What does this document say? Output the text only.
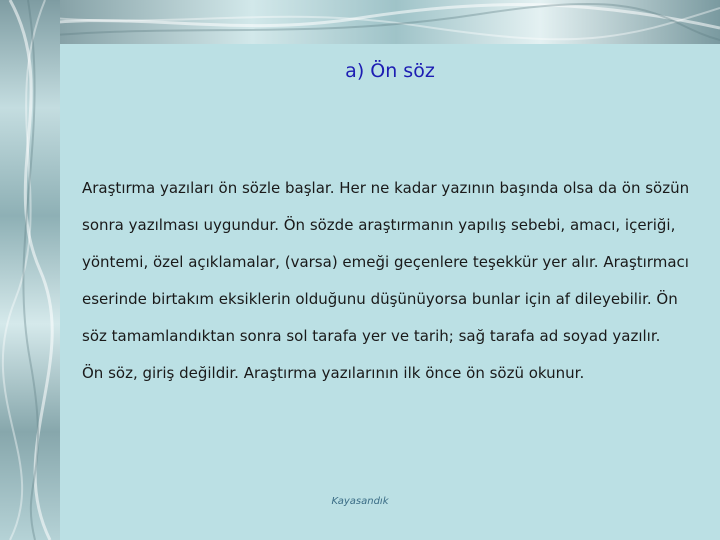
a) Ön söz

Araştırma yazıları ön sözle başlar. Her ne kadar yazının başında olsa da ön sözün sonra yazılması uygundur. Ön sözde araştırmanın yapılış sebebi, amacı, içeriği, yöntemi, özel açıklamalar, (varsa) emeği geçenlere teşekkür yer alır. Araştırmacı eserinde birtakım eksiklerin olduğunu düşünüyorsa bunlar için af dileyebilir. Ön söz tamamlandıktan sonra sol tarafa yer ve tarih; sağ tarafa ad soyad yazılır.

Ön söz, giriş değildir. Araştırma yazılarının ilk önce ön sözü okunur.

Kayasandık
